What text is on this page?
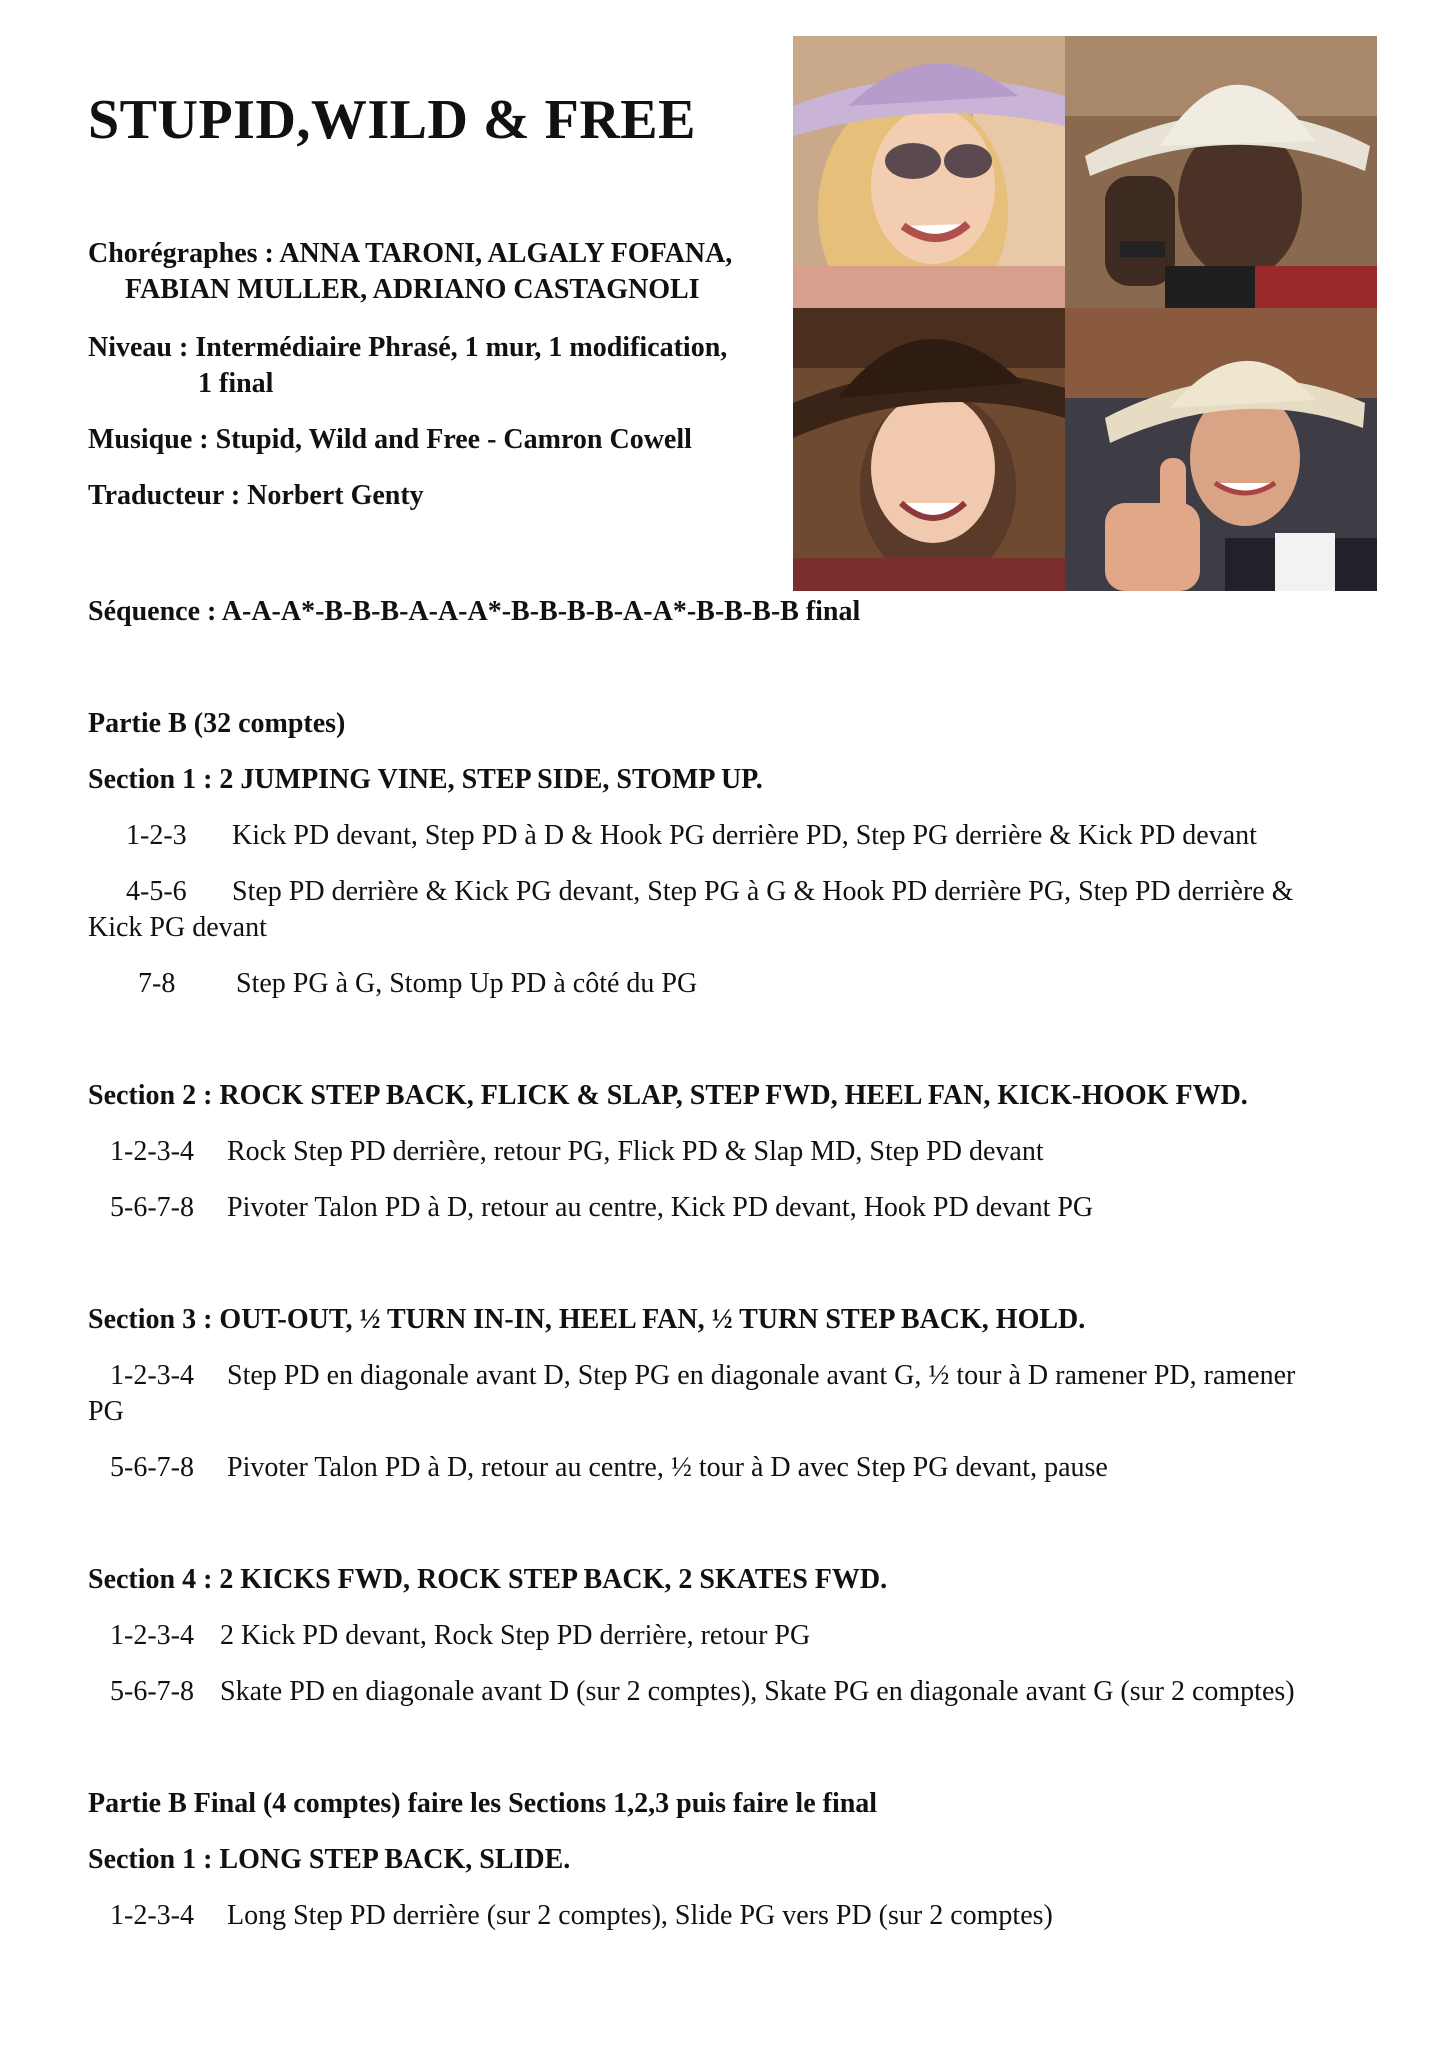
STUPID,WILD & FREE
Chorégraphes : ANNA TARONI, ALGALY FOFANA,
FABIAN MULLER, ADRIANO CASTAGNOLI
Niveau : Intermédiaire Phrasé, 1 mur, 1 modification,
1 final
Musique : Stupid, Wild and Free - Camron Cowell
Traducteur : Norbert Genty
Séquence : A-A-A*-B-B-B-A-A-A*-B-B-B-B-A-A*-B-B-B-B final
Partie B (32 comptes)
Section 1 : 2 JUMPING VINE, STEP SIDE, STOMP UP.
1-2-3 Kick PD devant, Step PD à D & Hook PG derrière PD, Step PG derrière & Kick PD devant
4-5-6 Step PD derrière & Kick PG devant, Step PG à G & Hook PD derrière PG, Step PD derrière &
Kick PG devant
7-8 Step PG à G, Stomp Up PD à côté du PG
Section 2 : ROCK STEP BACK, FLICK & SLAP, STEP FWD, HEEL FAN, KICK-HOOK FWD.
1-2-3-4 Rock Step PD derrière, retour PG, Flick PD & Slap MD, Step PD devant
5-6-7-8 Pivoter Talon PD à D, retour au centre, Kick PD devant, Hook PD devant PG
Section 3 : OUT-OUT, ½ TURN IN-IN, HEEL FAN, ½ TURN STEP BACK, HOLD.
1-2-3-4 Step PD en diagonale avant D, Step PG en diagonale avant G, ½ tour à D ramener PD, ramener
PG
5-6-7-8 Pivoter Talon PD à D, retour au centre, ½ tour à D avec Step PG devant, pause
Section 4 : 2 KICKS FWD, ROCK STEP BACK, 2 SKATES FWD.
1-2-3-4 2 Kick PD devant, Rock Step PD derrière, retour PG
5-6-7-8 Skate PD en diagonale avant D (sur 2 comptes), Skate PG en diagonale avant G (sur 2 comptes)
Partie B Final (4 comptes) faire les Sections 1,2,3 puis faire le final
Section 1 : LONG STEP BACK, SLIDE.
1-2-3-4 Long Step PD derrière (sur 2 comptes), Slide PG vers PD (sur 2 comptes)
